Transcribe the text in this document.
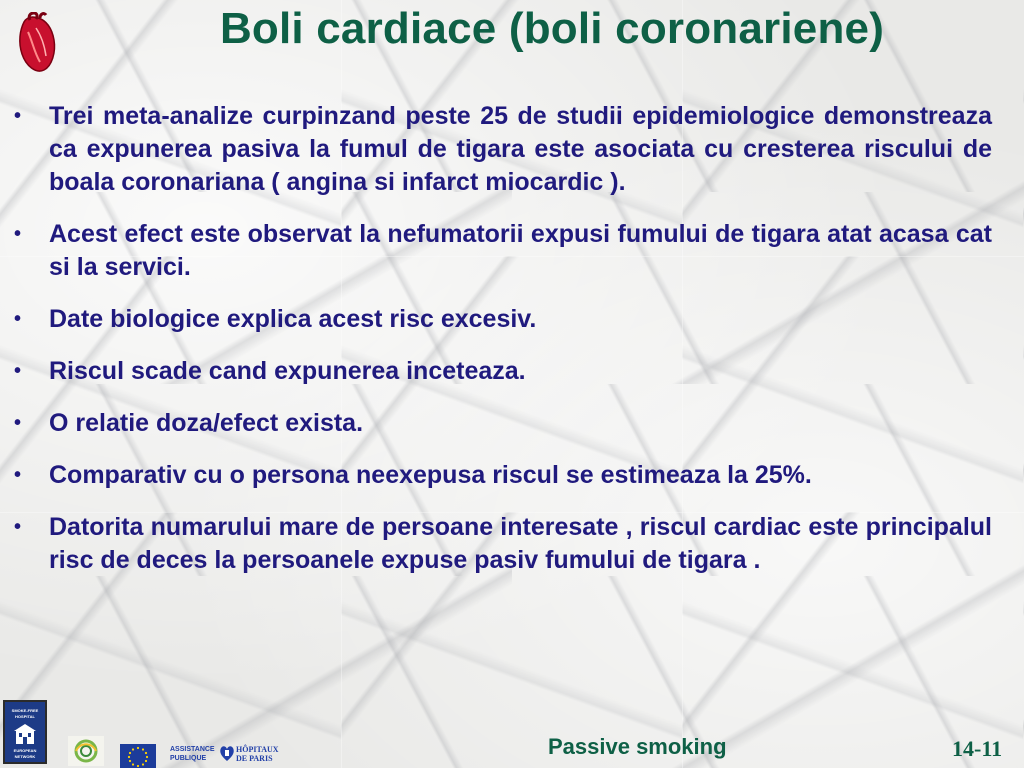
Boli cardiace (boli coronariene)
• Trei meta-analize curpinzand peste 25 de studii epidemiologice demonstreaza ca expunerea pasiva la fumul de tigara este asociata cu cresterea riscului de boala coronariana ( angina si infarct miocardic ).
• Acest efect este observat la nefumatorii expusi fumului de tigara atat acasa cat si la servici.
• Date biologice explica acest risc excesiv.
• Riscul scade cand expunerea inceteaza.
• O relatie doza/efect exista.
• Comparativ cu o persona neexepusa riscul se estimeaza la 25%.
• Datorita numarului mare de persoane interesate , riscul cardiac este principalul risc de deces la persoanele expuse pasiv fumului de tigara .
SMOKE-FREE
HOSPITAL
EUROPEAN
NETWORK
ASSISTANCE
PUBLIQUE
HÔPITAUX
DE PARIS	Passive smoking	14-11
